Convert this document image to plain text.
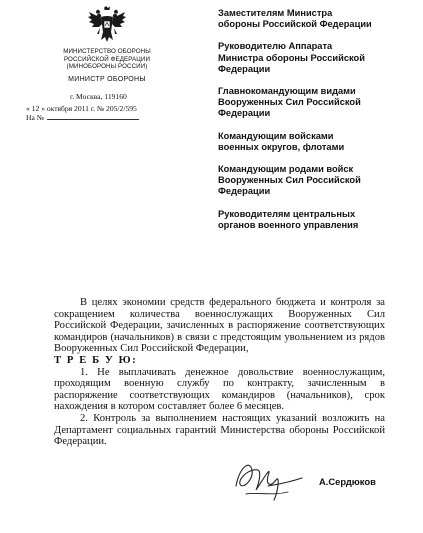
МИНИСТЕРСТВО ОБОРОНЫ
РОССИЙСКОЙ ФЕДЕРАЦИИ
(МИНОБОРОНЫ РОССИИ)
МИНИСТР ОБОРОНЫ
г. Москва, 119160
« 12 » октября 2011 г. № 205/2/595
На №
Заместителям Министра
обороны Российской Федерации
Руководителю Аппарата
Министра обороны Российской
Федерации
Главнокомандующим видами
Вооруженных Сил Российской
Федерации
Командующим войсками
военных округов, флотами
Командующим родами войск
Вооруженных Сил Российской
Федерации
Руководителям центральных
органов военного управления

В целях экономии средств федерального бюджета и контроля за сокращением количества военнослужащих Вооруженных Сил Российской Федерации, зачисленных в распоряжение соответствующих командиров (начальников) в связи с предстоящим увольнением из рядов Вооруженных Сил Российской Федерации,

Т Р Е Б У Ю:

1. Не выплачивать денежное довольствие военнослужащим, проходящим военную службу по контракту, зачисленным в распоряжение соответствующих командиров (начальников), срок нахождения в котором составляет более 6 месяцев.

2. Контроль за выполнением настоящих указаний возложить на Департамент социальных гарантий Министерства обороны Российской Федерации.

А.Сердюков
